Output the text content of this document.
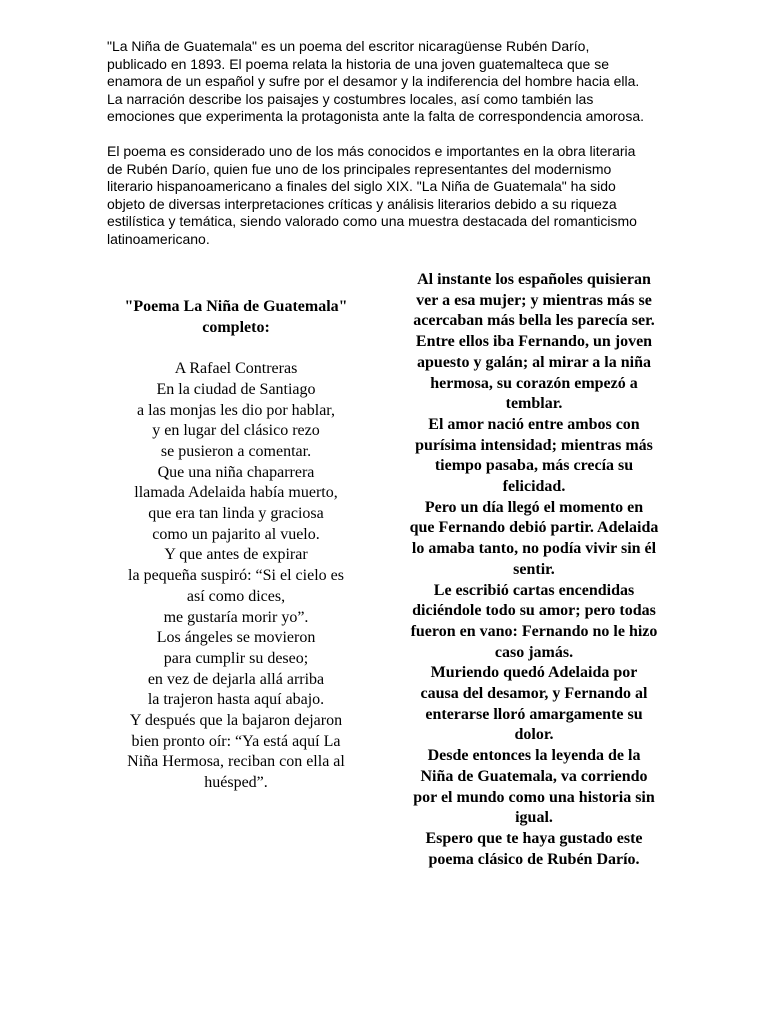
"La Niña de Guatemala" es un poema del escritor nicaragüense Rubén Darío, publicado en 1893. El poema relata la historia de una joven guatemalteca que se enamora de un español y sufre por el desamor y la indiferencia del hombre hacia ella. La narración describe los paisajes y costumbres locales, así como también las emociones que experimenta la protagonista ante la falta de correspondencia amorosa.

El poema es considerado uno de los más conocidos e importantes en la obra literaria de Rubén Darío, quien fue uno de los principales representantes del modernismo literario hispanoamericano a finales del siglo XIX. "La Niña de Guatemala" ha sido objeto de diversas interpretaciones críticas y análisis literarios debido a su riqueza estilística y temática, siendo valorado como una muestra destacada del romanticismo latinoamericano.

"Poema La Niña de Guatemala"
completo:
A Rafael Contreras
En la ciudad de Santiago
a las monjas les dio por hablar,
y en lugar del clásico rezo
se pusieron a comentar.
Que una niña chaparrera
llamada Adelaida había muerto,
que era tan linda y graciosa
como un pajarito al vuelo.
Y que antes de expirar
la pequeña suspiró: “Si el cielo es
así como dices,
me gustaría morir yo”.
Los ángeles se movieron
para cumplir su deseo;
en vez de dejarla allá arriba
la trajeron hasta aquí abajo.
Y después que la bajaron dejaron
bien pronto oír: “Ya está aquí La
Niña Hermosa, reciban con ella al
huésped”.
Al instante los españoles quisieran
ver a esa mujer; y mientras más se
acercaban más bella les parecía ser.
Entre ellos iba Fernando, un joven
apuesto y galán; al mirar a la niña
hermosa, su corazón empezó a
temblar.
El amor nació entre ambos con
purísima intensidad; mientras más
tiempo pasaba, más crecía su
felicidad.
Pero un día llegó el momento en
que Fernando debió partir. Adelaida
lo amaba tanto, no podía vivir sin él
sentir.
Le escribió cartas encendidas
diciéndole todo su amor; pero todas
fueron en vano: Fernando no le hizo
caso jamás.
Muriendo quedó Adelaida por
causa del desamor, y Fernando al
enterarse lloró amargamente su
dolor.
Desde entonces la leyenda de la
Niña de Guatemala, va corriendo
por el mundo como una historia sin
igual.
Espero que te haya gustado este
poema clásico de Rubén Darío.
